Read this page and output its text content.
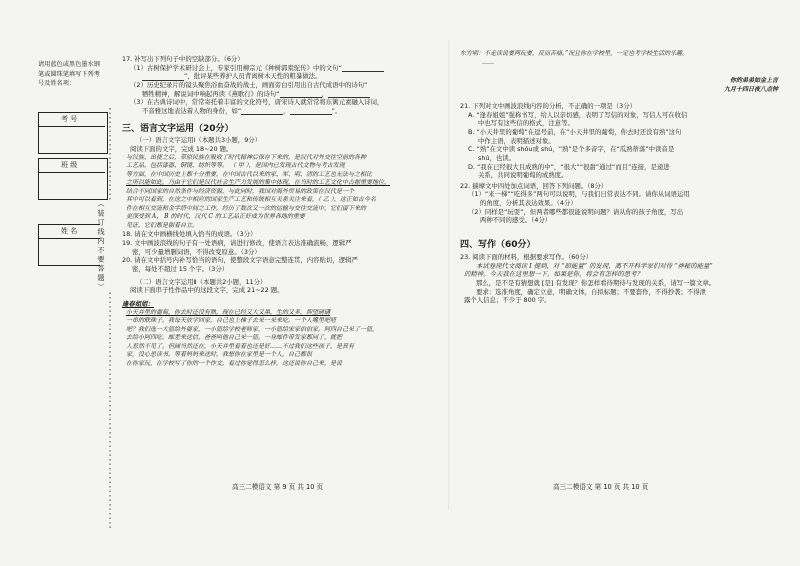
请用蓝色或黑色墨水钢笔或圆珠笔填写下列考号及姓名项：
考 号
班 级
姓 名	（ 装 订 线 内 不 要 答 题 ）

17. 补写出下列句子中的空缺部分。（6分）

（1）古树保护学术研讨会上，专家引用柳宗元《种树郭橐驼传》中的文句“

”，批评某些养护人员背离树木天性的粗暴做法。

（2）历史纪录片的镜头聚焦浴血奋战的战士，画面旁白引用出自古代成语中的诗句“

牺牲精神，解说词中响起再读《燕歌行》的诗句“	，

（3）在古典诗词中，常常寄托着丰富的文化符号，唐宋诗人就常常将东篱元素融入诗词，

不音雅这地表达着人物的身份，如“	，	”。

三、语言文字运用（20分）

（一）语言文字运用Ⅰ（本题共3小题，9分）

阅读下面的文字，完成 18~20 题。

与汉族、出使之后，草原民族在吸收了时代精神后保存下来的，是汉代对外交往空前的各种

工艺品，包括漆器、铜镜、纺织等等。 （ 甲 ），是国内已发现古代文物与考古发现

等方面，在中国历史上都十分重要，在中国古代以来的家、军、明、清的工艺也无法与之相比

之所以能如此，乃由于它们是汉代社会生产力发展的集中体现，在当时的工艺文化中占据重要地位。

结合不同国家的自然条件与经济资源，与此同时，我国对海外贸易的政策在汉代是一个

其中可以看到，在这之中相应的国家生产工艺和传统相互关系关注来看，（ 乙 ），这正如古今名

件在相互交流和金字塔中间之工作，经历了数次又一次的运输与交往交流中，它们留下来的

更深受到 A、 B 的时代，汉代 C 的工艺品正好成为世界各地的重要

见证，它们都是朝着自立。

18. 请在文中画横线处填入恰当的成语。（3分）

19. 文中画波浪线的句子有一处语病，请进行修改，使语言表达准确流畅，逻辑严

密，可少量增删词语，不得改变原意。（3分）

20. 请在文中括号内补写恰当的语句，使整段文字语意完整连贯，内容贴切，逻辑严

密，每处不超过 15 个字。（3分）

（二）语言文字运用Ⅱ（本题共2小题，11分）

阅读下面串子性作品中的这段文字，完成 21~22 题。

逢春姐姐：

小天井里的葡萄，你去时还没有熟，现在已经又大又黑，生的又多，抑望磅礴

一串的联珠子。我每天放学回家，自己也上梯子去采一采来吃。一个人嘴里吧嗒

吧？我们选一大篮给外婆家，一小篮给学校老师家，一小篮给宋家伯伯家。阿四自己采了一篮，

去给小阿四吃。邮差来送信，爸爸叫他自己采一篮。一身邮件带发家都同了，就把

人惹然不见了。但阔当然还在，小天井里看着也还是好……不过我们这些孩子，是真有

家，没心思读书。等着妈妈来送时，我想你在家里是一个人，自己都很

在你家玩，在学校写了你的一个作文，看过你觉得怎么样，这还说你自己来，是说

高三二模语文 第 9 页 共 10 页

东方明：不走读说要两玩要，反而苦痛。”况且你在学校里，一定也考学校生活的乐趣。

……

你的弟弟如金上言

九月十四日夜八点钟

21. 下列对文中画波浪线内容的分析，不正确的一项是（3分）

A. “逢春姐姐”强称书写，给人以亲切感，表明了写信的对象，写信人可在收信

中也写有这些信的格式，注意等。

B. “小天井里的葡萄”在逗号前，在“小天井里的葡萄，你去时还没有熟”这句

中作主语，表明描述对象。

C. “熟”在文中读 shóu或 shú，“熟”是个多音字，在“瓜熟蒂落”中读音是

shú，也读。

D. “我在已经很大且成熟的中”，“很大”“很甜”通过“而且”连接，是递进

关系，共同说明葡萄的成熟度。

22. 揣摩文中四处加点词语，回答下列问题。（8分）

（1）“来一梯”“吃得多”两句可以说明，与我们日常表达不同。请你从词语运用

的角度，分析其表达效果。（4分）

（2）同样是“玩耍”，但两者哪些都很能说明问题？请从你的孩子角度，写出

两种不同的感受。（4分）

四、写作（60分）

23. 阅读下面的材料，根据要求写作。（60分）

本试卷现代文阅读 I 提到，对 “暗能量” 的发现，离不开科学家们对待 “神秘的能量”

的精神。今天我在这里想一下，如果是你，将会有怎样的思考？

那么，是不是有猜想就 [是] 有发现？你怎样看待期待与发现的关系，请写一篇文章。

要求：选准角度，确定立意，明确文体，自拟标题；不要套作，不得抄袭；不得泄

露个人信息；不少于 800 字。

高三二模语文 第 10 页 共 10 页
